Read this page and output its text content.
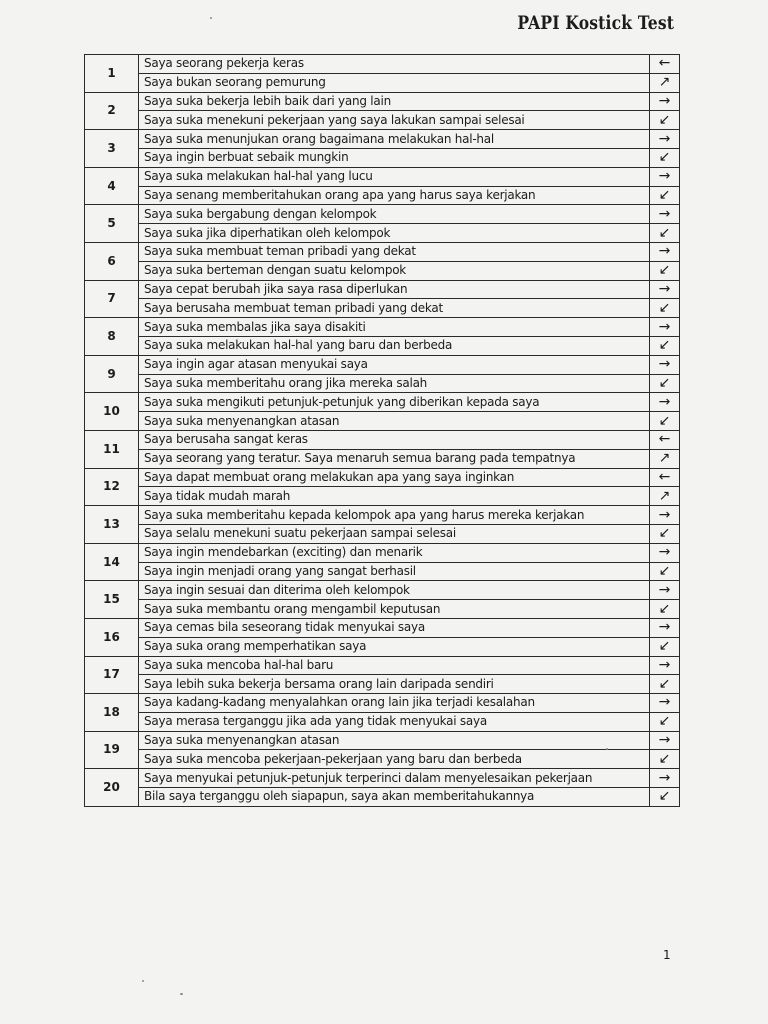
PAPI Kostick Test
1	Saya seorang pekerja keras	←
	Saya bukan seorang pemurung	↗
2	Saya suka bekerja lebih baik dari yang lain	→
	Saya suka menekuni pekerjaan yang saya lakukan sampai selesai	↙
3	Saya suka menunjukan orang bagaimana melakukan hal-hal	→
	Saya ingin berbuat sebaik mungkin	↙
4	Saya suka melakukan hal-hal yang lucu	→
	Saya senang memberitahukan orang apa yang harus saya kerjakan	↙
5	Saya suka bergabung dengan kelompok	→
	Saya suka jika diperhatikan oleh kelompok	↙
6	Saya suka membuat teman pribadi yang dekat	→
	Saya suka berteman dengan suatu kelompok	↙
7	Saya cepat berubah jika saya rasa diperlukan	→
	Saya berusaha membuat teman pribadi yang dekat	↙
8	Saya suka membalas jika saya disakiti	→
	Saya suka melakukan hal-hal yang baru dan berbeda	↙
9	Saya ingin agar atasan menyukai saya	→
	Saya suka memberitahu orang jika mereka salah	↙
10	Saya suka mengikuti petunjuk-petunjuk yang diberikan kepada saya	→
	Saya suka menyenangkan atasan	↙
11	Saya berusaha sangat keras	←
	Saya seorang yang teratur. Saya menaruh semua barang pada tempatnya	↗
12	Saya dapat membuat orang melakukan apa yang saya inginkan	←
	Saya tidak mudah marah	↗
13	Saya suka memberitahu kepada kelompok apa yang harus mereka kerjakan	→
	Saya selalu menekuni suatu pekerjaan sampai selesai	↙
14	Saya ingin mendebarkan (exciting) dan menarik	→
	Saya ingin menjadi orang yang sangat berhasil	↙
15	Saya ingin sesuai dan diterima oleh kelompok	→
	Saya suka membantu orang mengambil keputusan	↙
16	Saya cemas bila seseorang tidak menyukai saya	→
	Saya suka orang memperhatikan saya	↙
17	Saya suka mencoba hal-hal baru	→
	Saya lebih suka bekerja bersama orang lain daripada sendiri	↙
18	Saya kadang-kadang menyalahkan orang lain jika terjadi kesalahan	→
	Saya merasa terganggu jika ada yang tidak menyukai saya	↙
19	Saya suka menyenangkan atasan	→
	Saya suka mencoba pekerjaan-pekerjaan yang baru dan berbeda	↙
20	Saya menyukai petunjuk-petunjuk terperinci dalam menyelesaikan pekerjaan	→
	Bila saya terganggu oleh siapapun, saya akan memberitahukannya	↙
1
